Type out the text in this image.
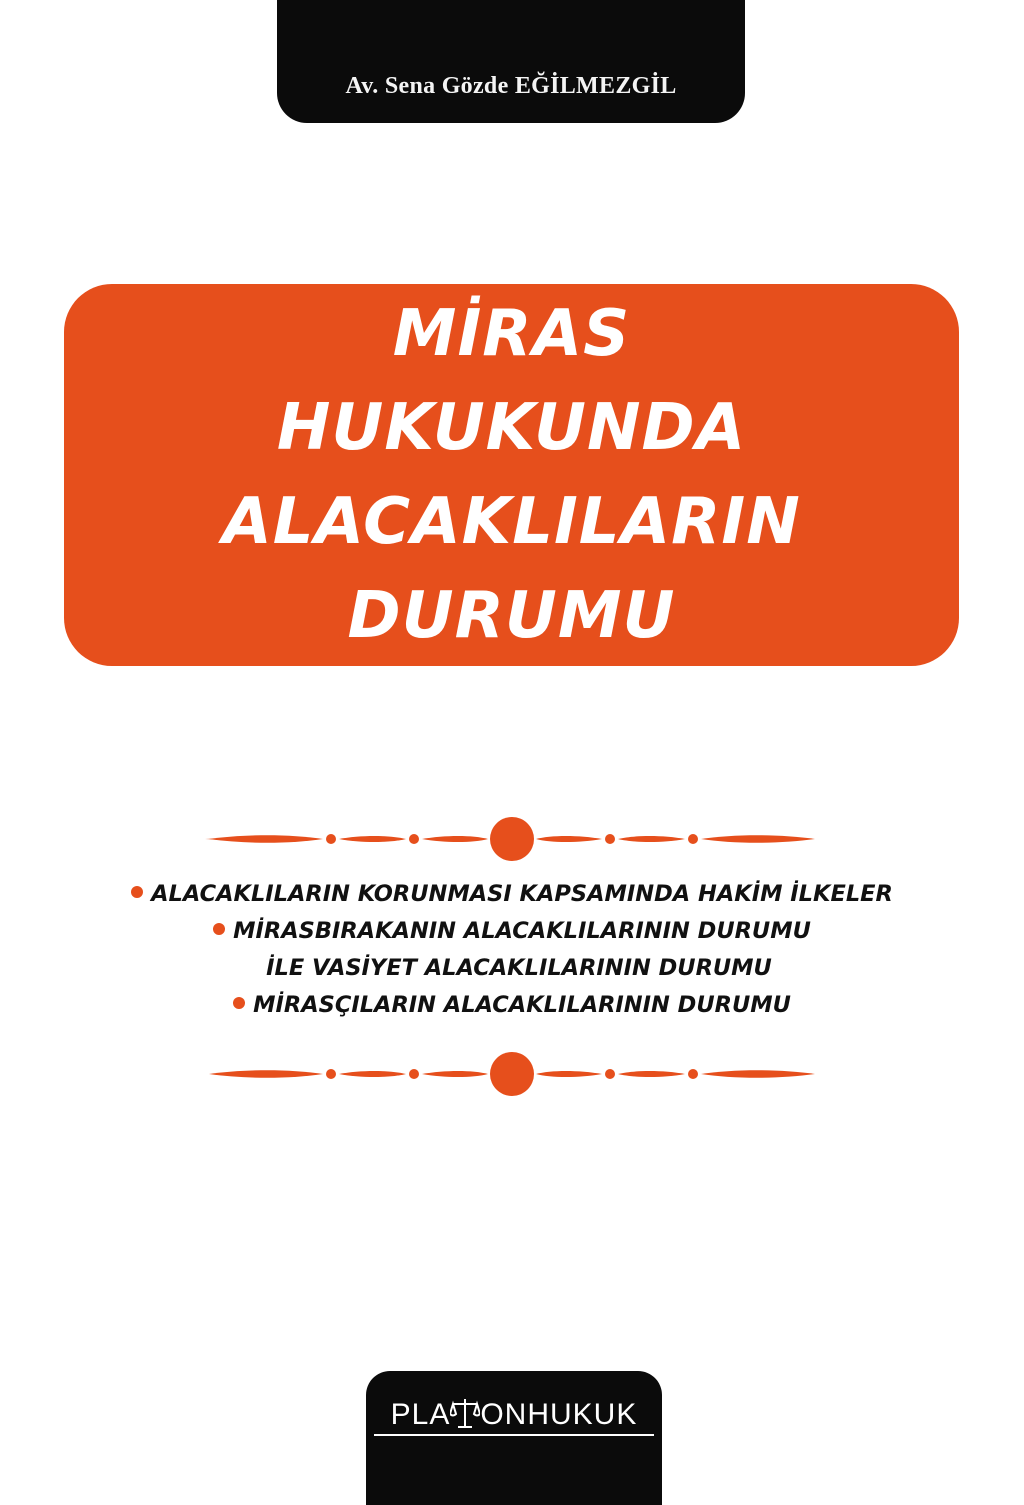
Av. Sena Gözde EĞİLMEZGİL
MİRAS
HUKUKUNDA
ALACAKLILARIN
DURUMU
ALACAKLILARIN KORUNMASI KAPSAMINDA HAKİM İLKELER
MİRASBIRAKANIN ALACAKLILARININ DURUMU
İLE VASİYET ALACAKLILARININ DURUMU
MİRASÇILARIN ALACAKLILARININ DURUMU
PLA ONHUKUK
